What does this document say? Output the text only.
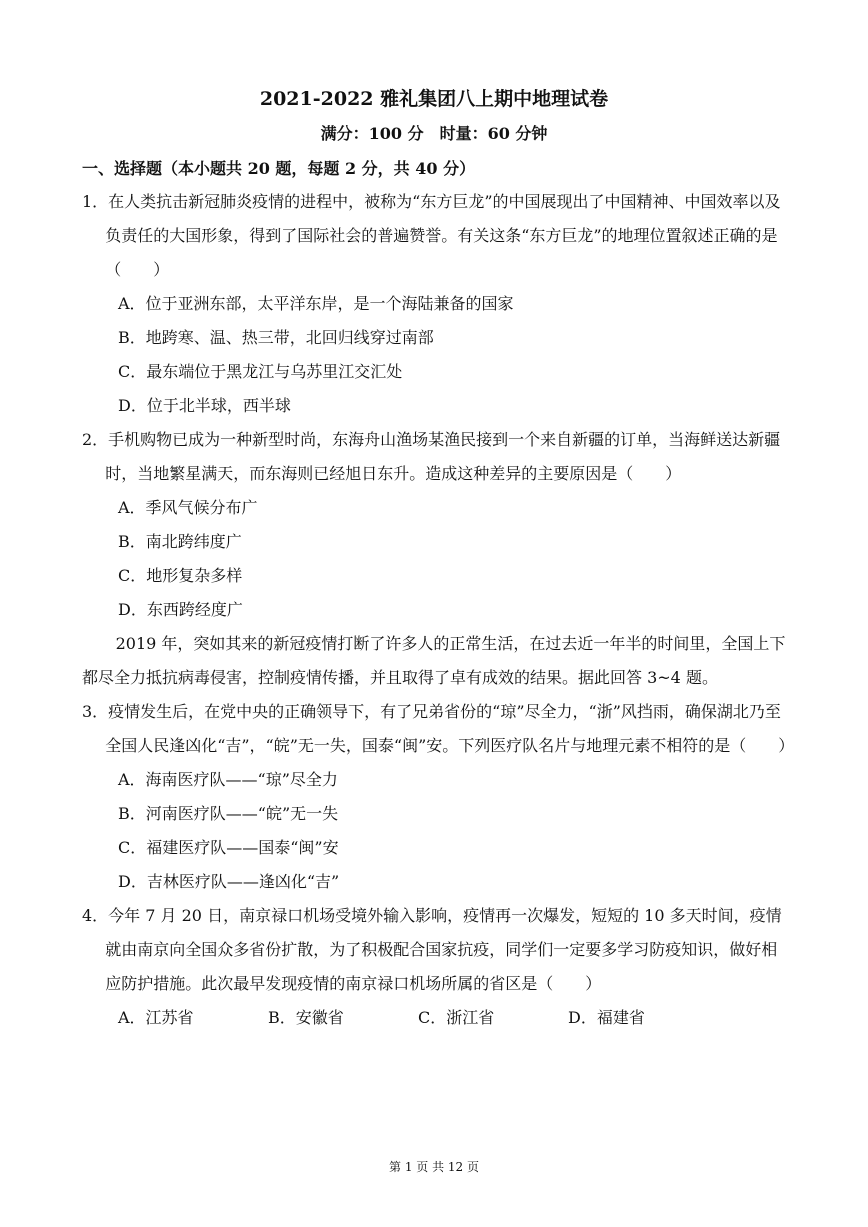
2021-2022 雅礼集团八上期中地理试卷
满分：100 分　时量：60 分钟
一、选择题（本小题共 20 题，每题 2 分，共 40 分）

1．在人类抗击新冠肺炎疫情的进程中，被称为“东方巨龙”的中国展现出了中国精神、中国效率以及负责任的大国形象，得到了国际社会的普遍赞誉。有关这条“东方巨龙”的地理位置叙述正确的是（　　）

A．位于亚洲东部，太平洋东岸，是一个海陆兼备的国家

B．地跨寒、温、热三带，北回归线穿过南部

C．最东端位于黑龙江与乌苏里江交汇处

D．位于北半球，西半球

2．手机购物已成为一种新型时尚，东海舟山渔场某渔民接到一个来自新疆的订单，当海鲜送达新疆时，当地繁星满天，而东海则已经旭日东升。造成这种差异的主要原因是（　　）

A．季风气候分布广

B．南北跨纬度广

C．地形复杂多样

D．东西跨经度广

2019 年，突如其来的新冠疫情打断了许多人的正常生活，在过去近一年半的时间里，全国上下都尽全力抵抗病毒侵害，控制疫情传播，并且取得了卓有成效的结果。据此回答 3~4 题。

3．疫情发生后，在党中央的正确领导下，有了兄弟省份的“琼”尽全力，“浙”风挡雨，确保湖北乃至全国人民逢凶化“吉”，“皖”无一失，国泰“闽”安。下列医疗队名片与地理元素不相符的是（　　）

A．海南医疗队——“琼”尽全力

B．河南医疗队——“皖”无一失

C．福建医疗队——国泰“闽”安

D．吉林医疗队——逢凶化“吉”

4．今年 7 月 20 日，南京禄口机场受境外输入影响，疫情再一次爆发，短短的 10 多天时间，疫情就由南京向全国众多省份扩散，为了积极配合国家抗疫，同学们一定要多学习防疫知识，做好相应防护措施。此次最早发现疫情的南京禄口机场所属的省区是（　　）

A．江苏省	B．安徽省	C．浙江省	D．福建省

第 1 页 共 12 页
